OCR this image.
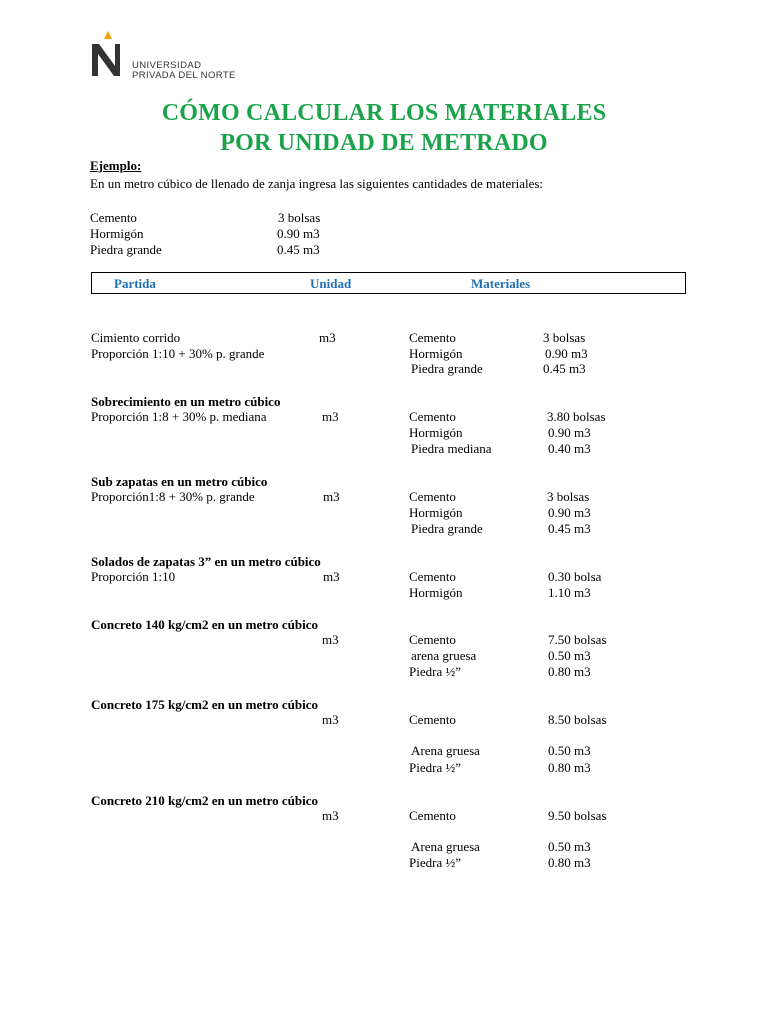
UNIVERSIDAD
PRIVADA DEL NORTE
CÓMO CALCULAR LOS MATERIALES
POR UNIDAD DE METRADO
Ejemplo:
En un metro cúbico de llenado de zanja ingresa las siguientes cantidades de materiales:
Cemento	3 bolsas
Hormigón	0.90 m3
Piedra grande	0.45 m3
Partida	Unidad	Materiales
Cimiento corrido
Proporción 1:10 + 30% p. grande
m3	Cemento	3 bolsas
Hormigón	0.90 m3
Piedra grande	0.45 m3
Sobrecimiento en un metro cúbico
Proporción 1:8 + 30% p. mediana	m3	Cemento	3.80 bolsas
Hormigón	0.90 m3
Piedra mediana	0.40 m3
Sub zapatas en un metro cúbico
Proporción1:8 + 30% p. grande	m3	Cemento	3 bolsas
Hormigón	0.90 m3
Piedra grande	0.45 m3
Solados de zapatas 3” en un metro cúbico
Proporción 1:10	m3	Cemento	0.30 bolsa
Hormigón	1.10 m3
Concreto 140 kg/cm2 en un metro cúbico
m3	Cemento	7.50 bolsas
arena gruesa	0.50 m3
Piedra ½”	0.80 m3
Concreto 175 kg/cm2 en un metro cúbico
m3	Cemento	8.50 bolsas
Arena gruesa	0.50 m3
Piedra ½”	0.80 m3
Concreto 210 kg/cm2 en un metro cúbico
m3	Cemento	9.50 bolsas
Arena gruesa	0.50 m3
Piedra ½”	0.80 m3
